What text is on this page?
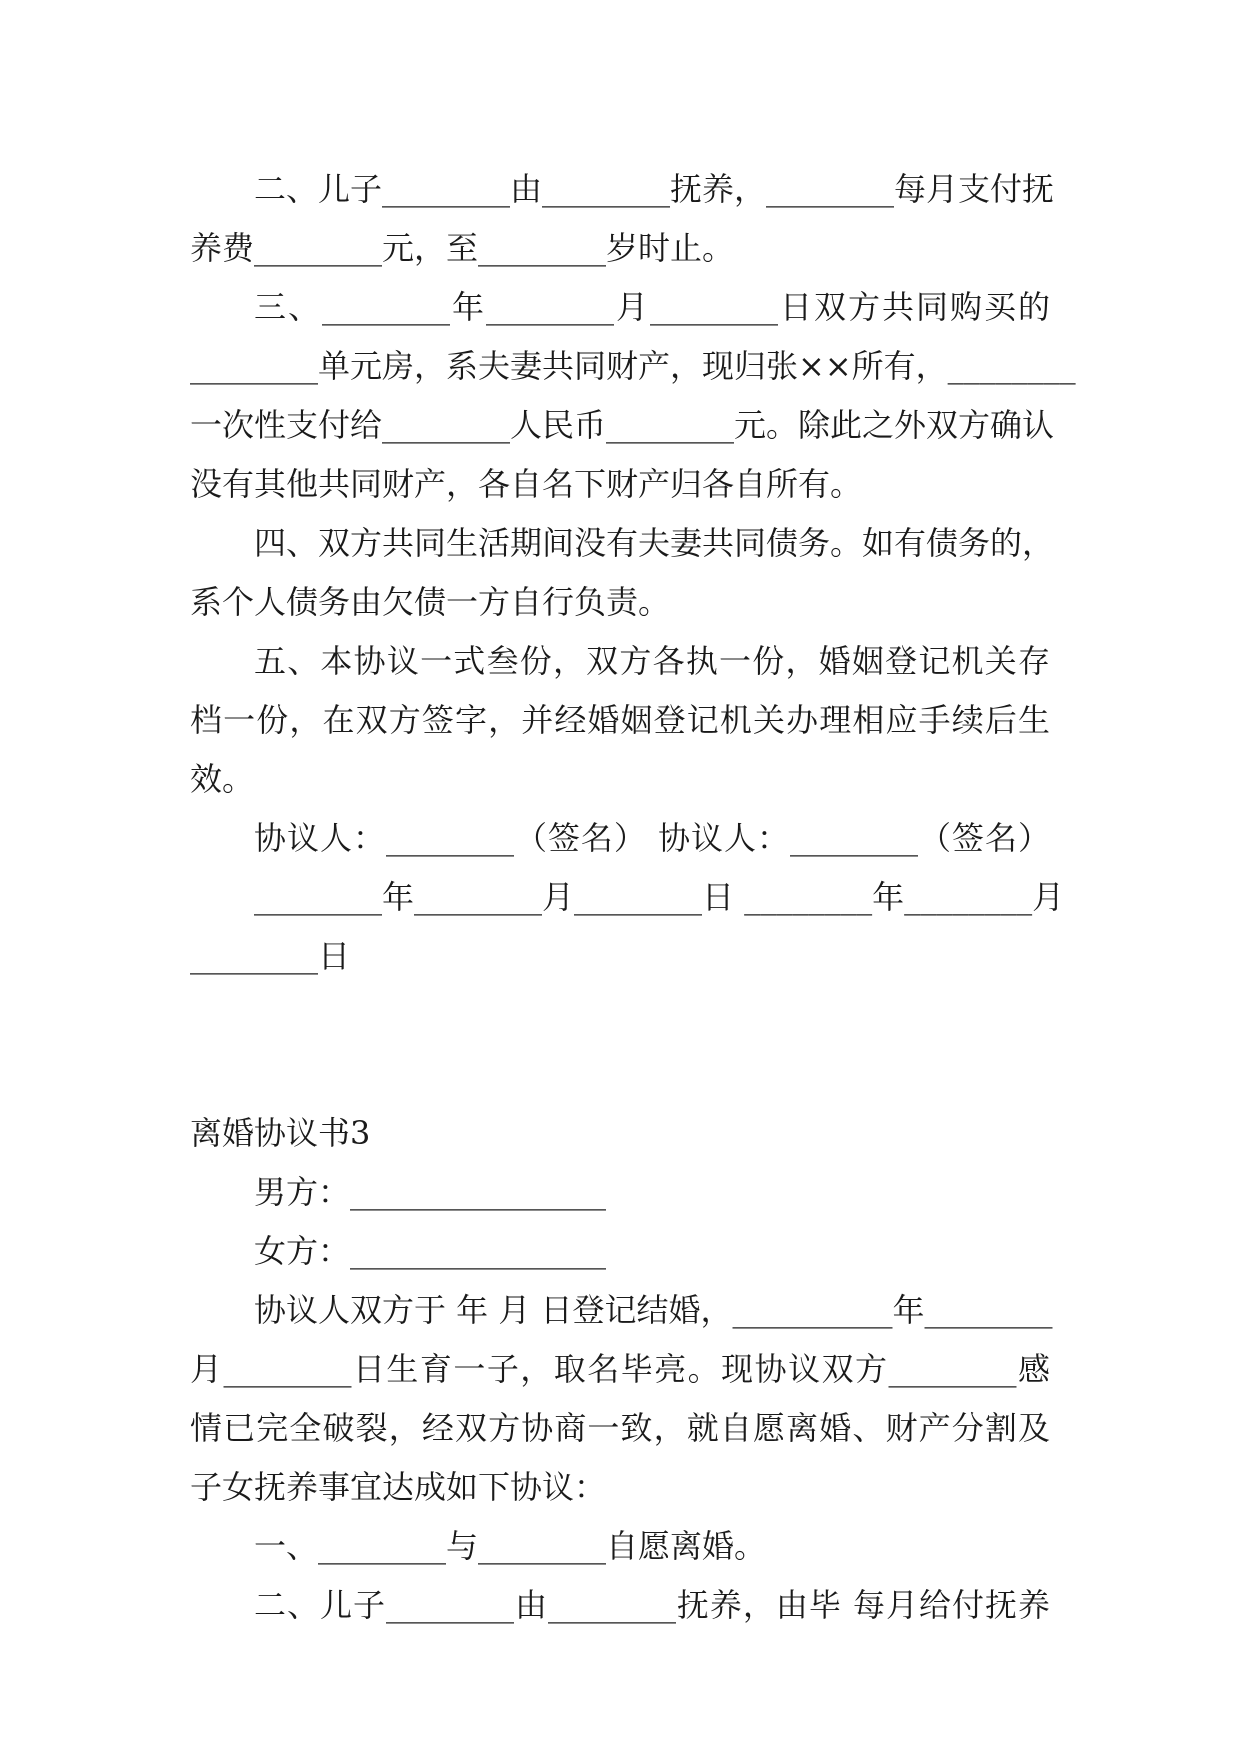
二、儿子________由________抚养，________每月支付抚
养费________元，至________岁时止。
三、________年________月________日双方共同购买的
________单元房，系夫妻共同财产，现归张××所有，________
一次性支付给________人民币________元。除此之外双方确认
没有其他共同财产，各自名下财产归各自所有。
四、双方共同生活期间没有夫妻共同债务。如有债务的，
系个人债务由欠债一方自行负责。
五、本协议一式叁份，双方各执一份，婚姻登记机关存
档一份，在双方签字，并经婚姻登记机关办理相应手续后生
效。
协议人：________（签名） 协议人：________（签名）
________年________月________日 ________年________月
________日
离婚协议书3
男方：________________
女方：________________
协议人双方于 年 月 日登记结婚，__________年________
月________日生育一子，取名毕亮。现协议双方________感
情已完全破裂，经双方协商一致，就自愿离婚、财产分割及
子女抚养事宜达成如下协议：
一、________与________自愿离婚。
二、儿子________由________抚养，由毕 每月给付抚养
